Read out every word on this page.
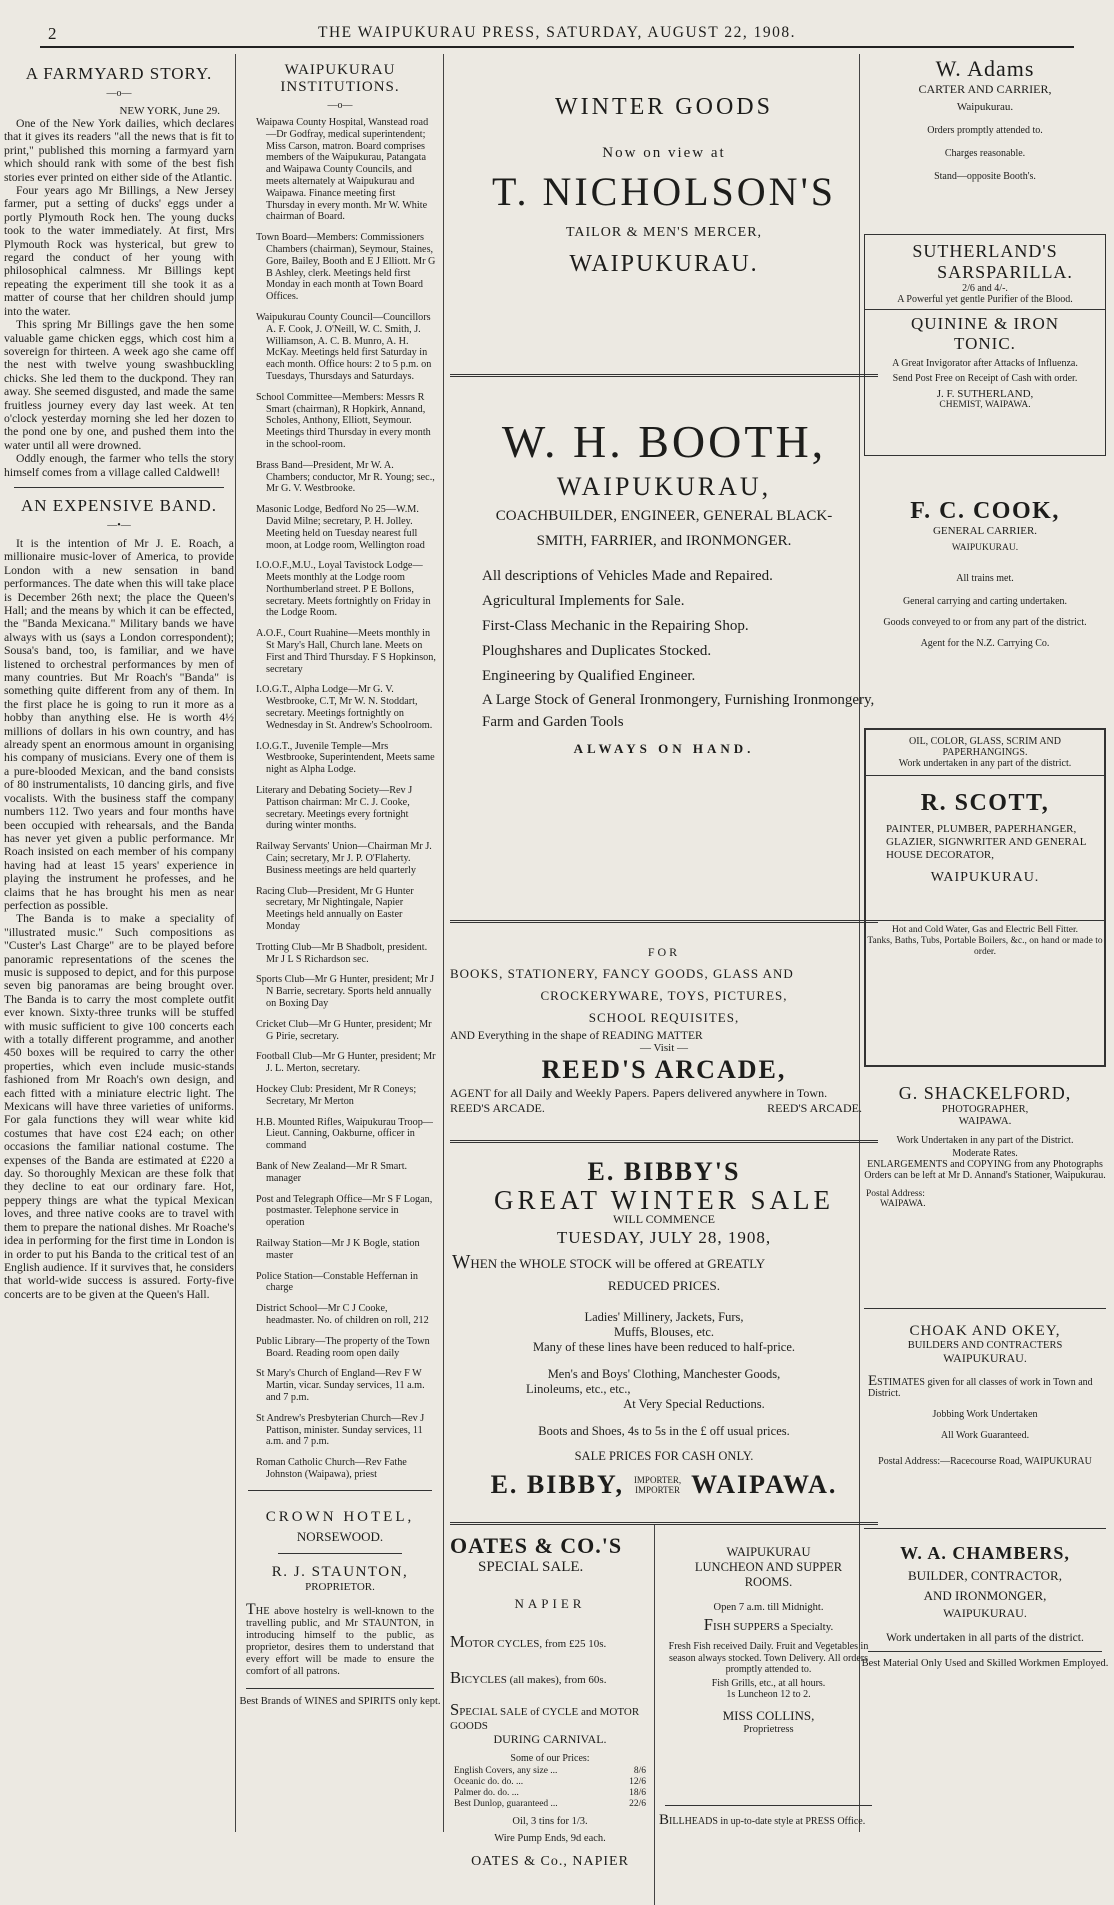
2	THE WAIPUKURAU PRESS, SATURDAY, AUGUST 22, 1908.
A FARMYARD STORY.
—o—
NEW YORK, June 29.

One of the New York dailies, which declares that it gives its readers "all the news that is fit to print," published this morning a farmyard yarn which should rank with some of the best fish stories ever printed on either side of the Atlantic.

Four years ago Mr Billings, a New Jersey farmer, put a setting of ducks' eggs under a portly Plymouth Rock hen. The young ducks took to the water immediately. At first, Mrs Plymouth Rock was hysterical, but grew to regard the conduct of her young with philosophical calmness. Mr Billings kept repeating the experiment till she took it as a matter of course that her children should jump into the water.

This spring Mr Billings gave the hen some valuable game chicken eggs, which cost him a sovereign for thirteen. A week ago she came off the nest with twelve young swashbuckling chicks. She led them to the duckpond. They ran away. She seemed disgusted, and made the same fruitless journey every day last week. At ten o'clock yesterday morning she led her dozen to the pond one by one, and pushed them into the water until all were drowned.

Oddly enough, the farmer who tells the story himself comes from a village called Caldwell!

AN EXPENSIVE BAND.
—•—

It is the intention of Mr J. E. Roach, a millionaire music-lover of America, to provide London with a new sensation in band performances. The date when this will take place is December 26th next; the place the Queen's Hall; and the means by which it can be effected, the "Banda Mexicana." Military bands we have always with us (says a London correspondent); Sousa's band, too, is familiar, and we have listened to orchestral performances by men of many countries. But Mr Roach's "Banda" is something quite different from any of them. In the first place he is going to run it more as a hobby than anything else. He is worth 4½ millions of dollars in his own country, and has already spent an enormous amount in organising his company of musicians. Every one of them is a pure-blooded Mexican, and the band consists of 80 instrumentalists, 10 dancing girls, and five vocalists. With the business staff the company numbers 112. Two years and four months have been occupied with rehearsals, and the Banda has never yet given a public performance. Mr Roach insisted on each member of his company having had at least 15 years' experience in playing the instrument he professes, and he claims that he has brought his men as near perfection as possible.

The Banda is to make a speciality of "illustrated music." Such compositions as "Custer's Last Charge" are to be played before panoramic representations of the scenes the music is supposed to depict, and for this purpose seven big panoramas are being brought over. The Banda is to carry the most complete outfit ever known. Sixty-three trunks will be stuffed with music sufficient to give 100 concerts each with a totally different programme, and another 450 boxes will be required to carry the other properties, which even include music-stands fashioned from Mr Roach's own design, and each fitted with a miniature electric light. The Mexicans will have three varieties of uniforms. For gala functions they will wear white kid costumes that have cost £24 each; on other occasions the familiar national costume. The expenses of the Banda are estimated at £220 a day. So thoroughly Mexican are these folk that they decline to eat our ordinary fare. Hot, peppery things are what the typical Mexican loves, and three native cooks are to travel with them to prepare the national dishes. Mr Roache's idea in performing for the first time in London is in order to put his Banda to the critical test of an English audience. If it survives that, he considers that world-wide success is assured. Forty-five concerts are to be given at the Queen's Hall.

WAIPUKURAU INSTITUTIONS.
—o—

Waipawa County Hospital, Wanstead road—Dr Godfray, medical superintendent; Miss Carson, matron. Board comprises members of the Waipukurau, Patangata and Waipawa County Councils, and meets alternately at Waipukurau and Waipawa. Finance meeting first Thursday in every month. Mr W. White chairman of Board.

Town Board—Members: Commissioners Chambers (chairman), Seymour, Staines, Gore, Bailey, Booth and E J Elliott. Mr G B Ashley, clerk. Meetings held first Monday in each month at Town Board Offices.

Waipukurau County Council—Councillors A. F. Cook, J. O'Neill, W. C. Smith, J. Williamson, A. C. B. Munro, A. H. McKay. Meetings held first Saturday in each month. Office hours: 2 to 5 p.m. on Tuesdays, Thursdays and Saturdays.

School Committee—Members: Messrs R Smart (chairman), R Hopkirk, Annand, Scholes, Anthony, Elliott, Seymour. Meetings third Thursday in every month in the school-room.

Brass Band—President, Mr W. A. Chambers; conductor, Mr R. Young; sec., Mr G. V. Westbrooke.

Masonic Lodge, Bedford No 25—W.M. David Milne; secretary, P. H. Jolley. Meeting held on Tuesday nearest full moon, at Lodge room, Wellington road

I.O.O.F.,M.U., Loyal Tavistock Lodge—Meets monthly at the Lodge room Northumberland street. P E Bollons, secretary. Meets fortnightly on Friday in the Lodge Room.

A.O.F., Court Ruahine—Meets monthly in St Mary's Hall, Church lane. Meets on First and Third Thursday. F S Hopkinson, secretary

I.O.G.T., Alpha Lodge—Mr G. V. Westbrooke, C.T, Mr W. N. Stoddart, secretary. Meetings fortnightly on Wednesday in St. Andrew's Schoolroom.

I.O.G.T., Juvenile Temple—Mrs Westbrooke, Superintendent, Meets same night as Alpha Lodge.

Literary and Debating Society—Rev J Pattison chairman: Mr C. J. Cooke, secretary. Meetings every fortnight during winter months.

Railway Servants' Union—Chairman Mr J. Cain; secretary, Mr J. P. O'Flaherty. Business meetings are held quarterly

Racing Club—President, Mr G Hunter secretary, Mr Nightingale, Napier Meetings held annually on Easter Monday

Trotting Club—Mr B Shadbolt, president. Mr J L S Richardson sec.

Sports Club—Mr G Hunter, president; Mr J N Barrie, secretary. Sports held annually on Boxing Day

Cricket Club—Mr G Hunter, president; Mr G Pirie, secretary.

Football Club—Mr G Hunter, president; Mr J. L. Merton, secretary.

Hockey Club: President, Mr R Coneys; Secretary, Mr Merton

H.B. Mounted Rifles, Waipukurau Troop—Lieut. Canning, Oakburne, officer in command

Bank of New Zealand—Mr R Smart. manager

Post and Telegraph Office—Mr S F Logan, postmaster. Telephone service in operation

Railway Station—Mr J K Bogle, station master

Police Station—Constable Heffernan in charge

District School—Mr C J Cooke, headmaster. No. of children on roll, 212

Public Library—The property of the Town Board. Reading room open daily

St Mary's Church of England—Rev F W Martin, vicar. Sunday services, 11 a.m. and 7 p.m.

St Andrew's Presbyterian Church—Rev J Pattison, minister. Sunday services, 11 a.m. and 7 p.m.

Roman Catholic Church—Rev Fathe Johnston (Waipawa), priest

CROWN HOTEL,
NORSEWOOD.
R. J. STAUNTON,
PROPRIETOR.
THE above hostelry is well-known to the travelling public, and Mr STAUNTON, in introducing himself to the public, as proprietor, desires them to understand that every effort will be made to ensure the comfort of all patrons.
Best Brands of WINES and SPIRITS only kept.
WINTER GOODS
Now on view at
T. NICHOLSON'S
TAILOR & MEN'S MERCER,
WAIPUKURAU.
W. H. BOOTH,
WAIPUKURAU,
COACHBUILDER, ENGINEER, GENERAL BLACK-
SMITH, FARRIER, and IRONMONGER.
All descriptions of Vehicles Made and Repaired.
Agricultural Implements for Sale.
First-Class Mechanic in the Repairing Shop.
Ploughshares and Duplicates Stocked.
Engineering by Qualified Engineer.
A Large Stock of General Ironmongery, Furnishing Ironmongery, Farm and Garden Tools
ALWAYS ON HAND.
FOR
BOOKS, STATIONERY, FANCY GOODS, GLASS AND
CROCKERYWARE, TOYS, PICTURES,
SCHOOL REQUISITES,
AND Everything in the shape of READING MATTER
— Visit —
REED'S ARCADE,
AGENT for all Daily and Weekly Papers. Papers delivered anywhere in Town.
REED'S ARCADE.	REED'S ARCADE.
E. BIBBY'S
GREAT WINTER SALE
WILL COMMENCE
TUESDAY, JULY 28, 1908,
WHEN the WHOLE STOCK will be offered at GREATLY
REDUCED PRICES.
Ladies' Millinery, Jackets, Furs,
Muffs, Blouses, etc.
Many of these lines have been reduced to half-price.
Men's and Boys' Clothing, Manchester Goods,
Linoleums, etc., etc.,
At Very Special Reductions.
Boots and Shoes, 4s to 5s in the £ off usual prices.
SALE PRICES FOR CASH ONLY.
E. BIBBY, IMPORTER,
IMPORTER WAIPAWA.
OATES & CO.'S
SPECIAL SALE.
NAPIER
MOTOR CYCLES, from £25 10s.
BICYCLES (all makes), from 60s.
SPECIAL SALE of CYCLE and MOTOR GOODS
DURING CARNIVAL.
Some of our Prices:
English Covers, any size ...	8/6
Oceanic do. do. ...	12/6
Palmer do. do. ...	18/6
Best Dunlop, guaranteed ...	22/6
Oil, 3 tins for 1/3.
Wire Pump Ends, 9d each.
OATES & Co., NAPIER
WAIPUKURAU
LUNCHEON AND SUPPER
ROOMS.
Open 7 a.m. till Midnight.
FISH SUPPERS a Specialty.
Fresh Fish received Daily. Fruit and Vegetables in season always stocked. Town Delivery. All orders promptly attended to.
Fish Grills, etc., at all hours.
1s Luncheon 12 to 2.
MISS COLLINS,
Proprietress
BILLHEADS in up-to-date style at PRESS Office.
W. Adams
CARTER AND CARRIER,
Waipukurau.
Orders promptly attended to.
Charges reasonable.
Stand—opposite Booth's.
SUTHERLAND'S
SARSPARILLA.
2/6 and 4/-.
A Powerful yet gentle Purifier of the Blood.
QUININE & IRON
TONIC.
A Great Invigorator after Attacks of Influenza.
Send Post Free on Receipt of Cash with order.
J. F. SUTHERLAND,
CHEMIST, WAIPAWA.
F. C. COOK,
GENERAL CARRIER.
WAIPUKURAU.
All trains met.
General carrying and carting undertaken.
Goods conveyed to or from any part of the district.
Agent for the N.Z. Carrying Co.
OIL, COLOR, GLASS, SCRIM AND PAPERHANGINGS.
Work undertaken in any part of the district.
R. SCOTT,
PAINTER, PLUMBER, PAPERHANGER, GLAZIER, SIGNWRITER AND GENERAL HOUSE DECORATOR,
WAIPUKURAU.
Hot and Cold Water, Gas and Electric Bell Fitter.
Tanks, Baths, Tubs, Portable Boilers, &c., on hand or made to order.
G. SHACKELFORD,
PHOTOGRAPHER,
WAIPAWA.
Work Undertaken in any part of the District.
Moderate Rates.
ENLARGEMENTS and COPYING from any Photographs
Orders can be left at Mr D. Annand's Stationer, Waipukurau.
Postal Address:
WAIPAWA.
CHOAK AND OKEY,
BUILDERS AND CONTRACTERS
WAIPUKURAU.
ESTIMATES given for all classes of work in Town and District.
Jobbing Work Undertaken
All Work Guaranteed.
Postal Address:—Racecourse Road, WAIPUKURAU
W. A. CHAMBERS,
BUILDER, CONTRACTOR,
AND IRONMONGER,
WAIPUKURAU.
Work undertaken in all parts of the district.
Best Material Only Used and Skilled Workmen Employed.
